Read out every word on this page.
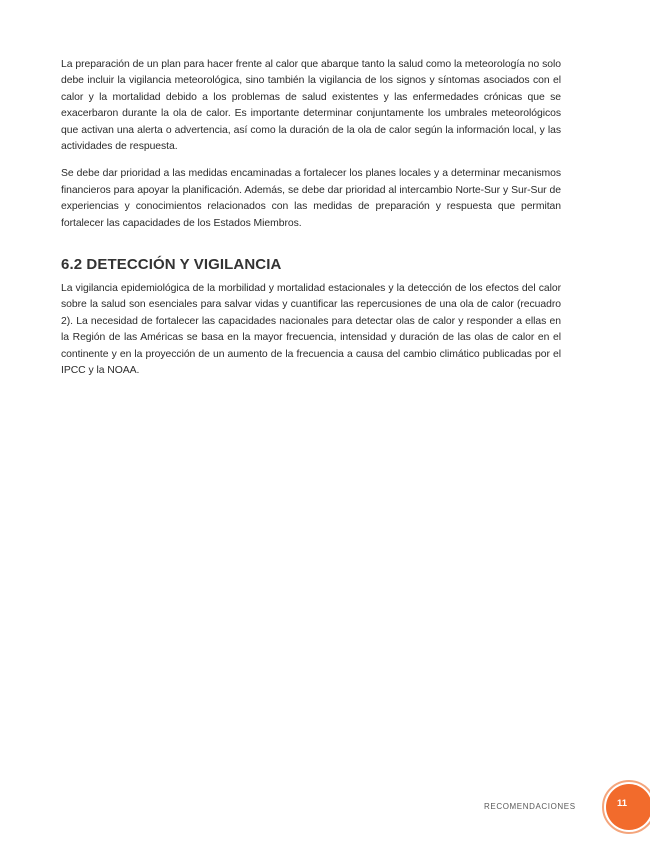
La preparación de un plan para hacer frente al calor que abarque tanto la salud como la meteorología no solo debe incluir la vigilancia meteorológica, sino también la vigilancia de los signos y síntomas asociados con el calor y la mortalidad debido a los problemas de salud existentes y las enfermedades crónicas que se exacerbaron durante la ola de calor. Es importante determinar conjuntamente los umbrales meteorológicos que activan una alerta o advertencia, así como la duración de la ola de calor según la información local, y las actividades de respuesta.

Se debe dar prioridad a las medidas encaminadas a fortalecer los planes locales y a determinar mecanismos financieros para apoyar la planificación. Además, se debe dar prioridad al intercambio Norte-Sur y Sur-Sur de experiencias y conocimientos relacionados con las medidas de preparación y respuesta que permitan fortalecer las capacidades de los Estados Miembros.

6.2 DETECCIÓN Y VIGILANCIA

La vigilancia epidemiológica de la morbilidad y mortalidad estacionales y la detección de los efectos del calor sobre la salud son esenciales para salvar vidas y cuantificar las repercusiones de una ola de calor (recuadro 2). La necesidad de fortalecer las capacidades nacionales para detectar olas de calor y responder a ellas en la Región de las Américas se basa en la mayor frecuencia, intensidad y duración de las olas de calor en el continente y en la proyección de un aumento de la frecuencia a causa del cambio climático publicadas por el IPCC y la NOAA.

RECOMENDACIONES	11
